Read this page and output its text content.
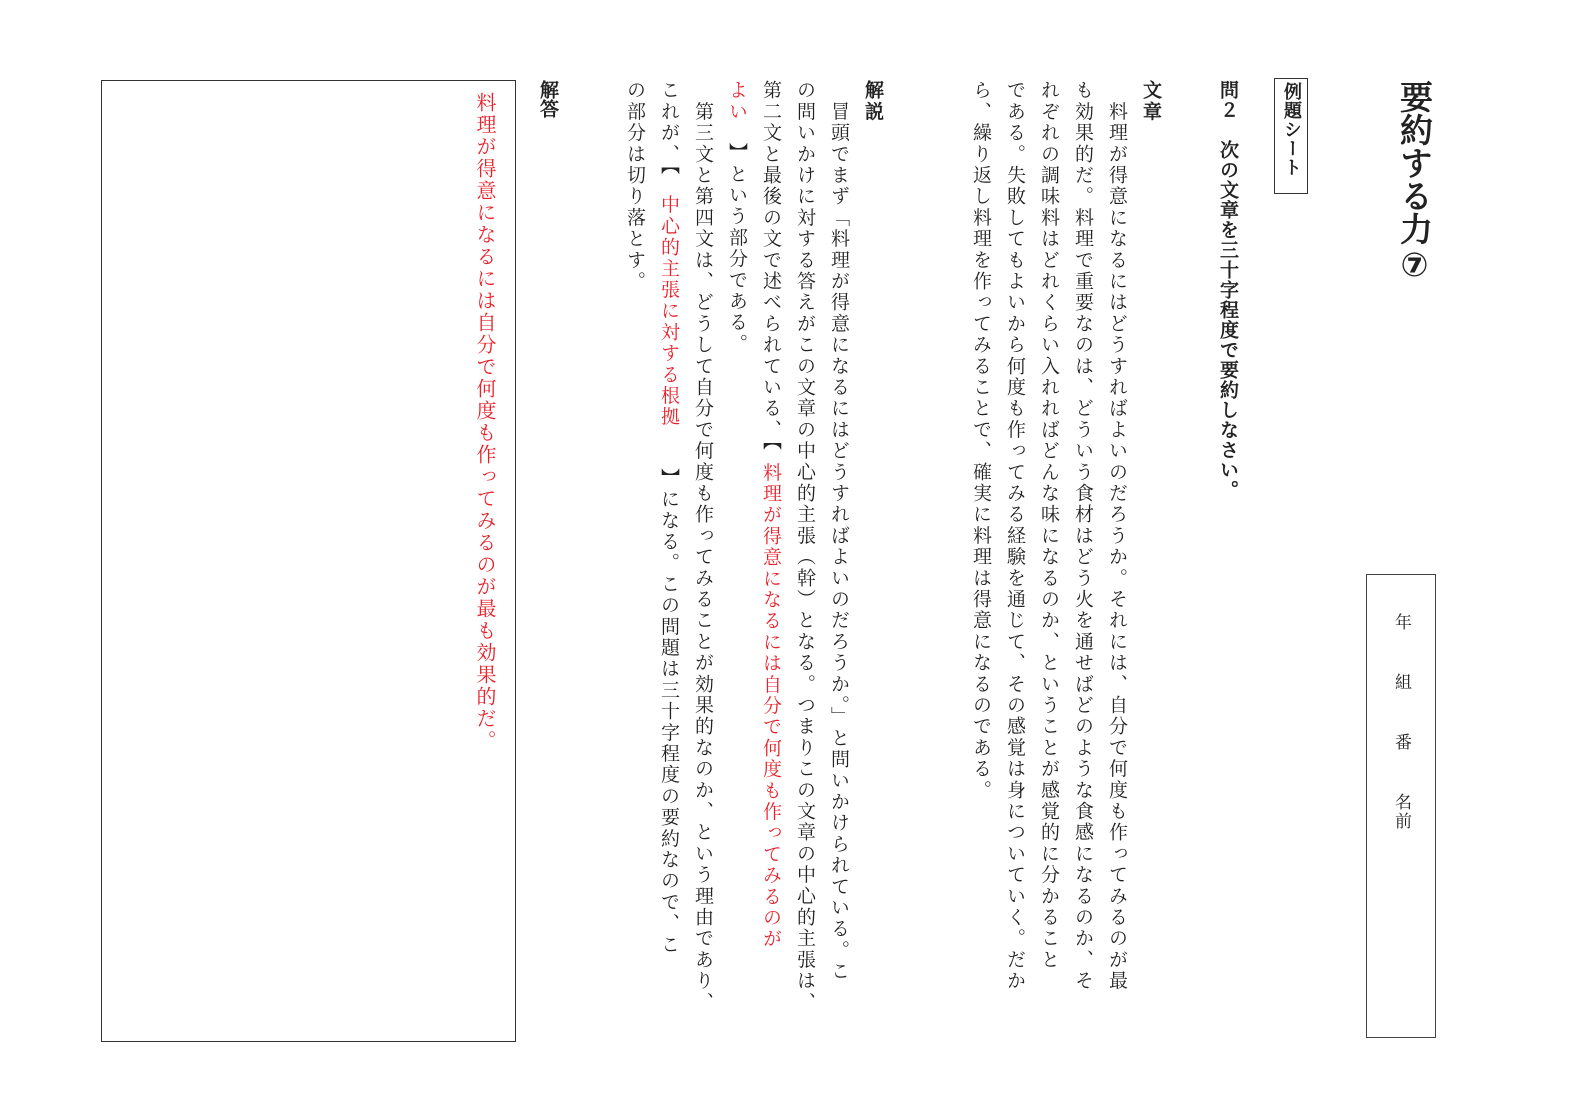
要約する力⑦
例題シート
問２　次の文章を三十字程度で要約しなさい。
年
組
番
名前
文章
　料理が得意になるにはどうすればよいのだろうか。それには、自分で何度も作ってみるのが最
も効果的だ。料理で重要なのは、どういう食材はどう火を通せばどのような食感になるのか、そ
れぞれの調味料はどれくらい入れればどんな味になるのか、ということが感覚的に分かること
である。失敗してもよいから何度も作ってみる経験を通じて、その感覚は身についていく。だか
ら、繰り返し料理を作ってみることで、確実に料理は得意になるのである。
解説
　冒頭でまず「料理が得意になるにはどうすればよいのだろうか。」と問いかけられている。こ
の問いかけに対する答えがこの文章の中心的主張（幹）となる。つまりこの文章の中心的主張は、
第二文と最後の文で述べられている、【料理が得意になるには自分で何度も作ってみるのが
よい】という部分である。
　第三文と第四文は、どうして自分で何度も作ってみることが効果的なのか、という理由であり、
これが、【中心的主張に対する根拠】になる。この問題は三十字程度の要約なので、こ
の部分は切り落とす。
解答
料理が得意になるには自分で何度も作ってみるのが最も効果的だ。
